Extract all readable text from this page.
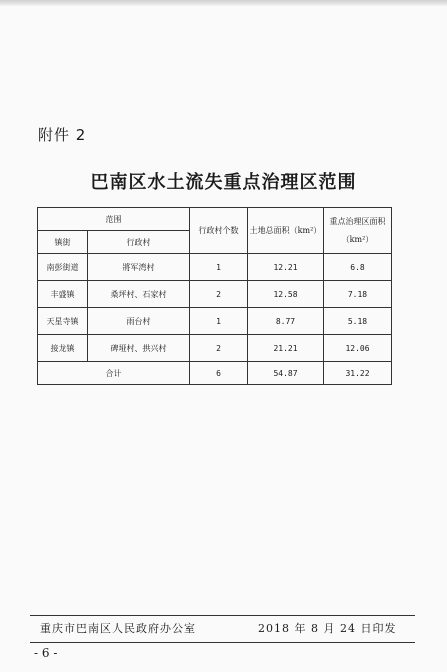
附件 2
巴南区水土流失重点治理区范围
范围		行政村个数	土地总面积（km²）	重点治理区面积
（km²）

镇街	行政村			
南彭街道	將军湾村	1	12.21	6.8
丰盛镇	桑坪村、石家村	2	12.58	7.18
天星寺镇	雨台村	1	8.77	5.18
接龙镇	碑垭村、拱兴村	2	21.21	12.06
合计		6	54.87	31.22
重庆市巴南区人民政府办公室	2018 年 8 月 24 日印发
- 6 -
